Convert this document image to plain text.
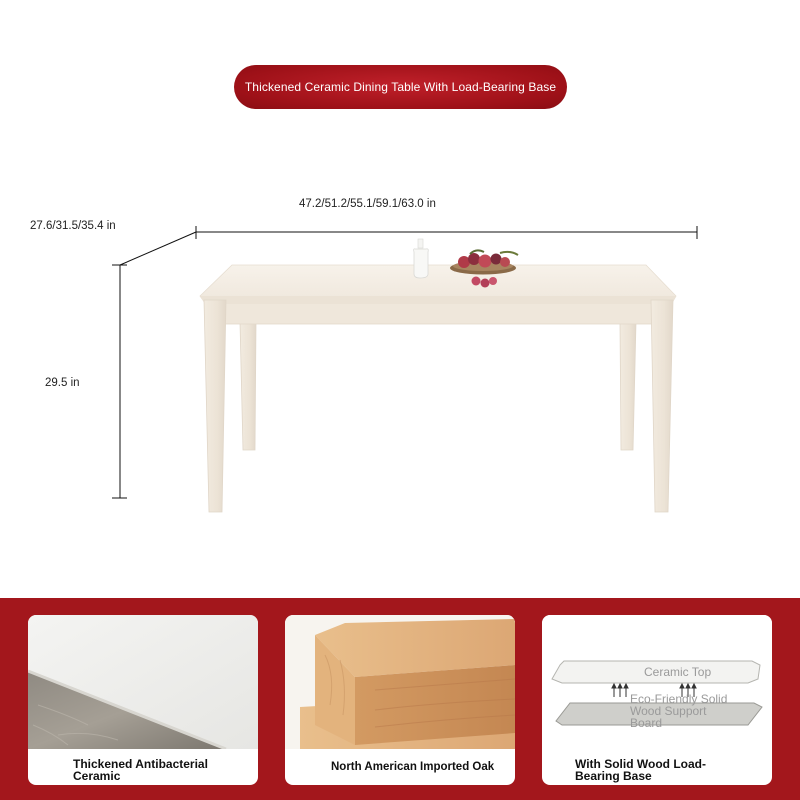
Thickened Ceramic Dining Table With Load-Bearing Base
47.2/51.2/55.1/59.1/63.0 in
27.6/31.5/35.4 in
29.5 in
Thickened Antibacterial Ceramic
North American Imported Oak
Ceramic Top
Eco-Friendly Solid Wood Support Board
With Solid Wood Load-Bearing Base
